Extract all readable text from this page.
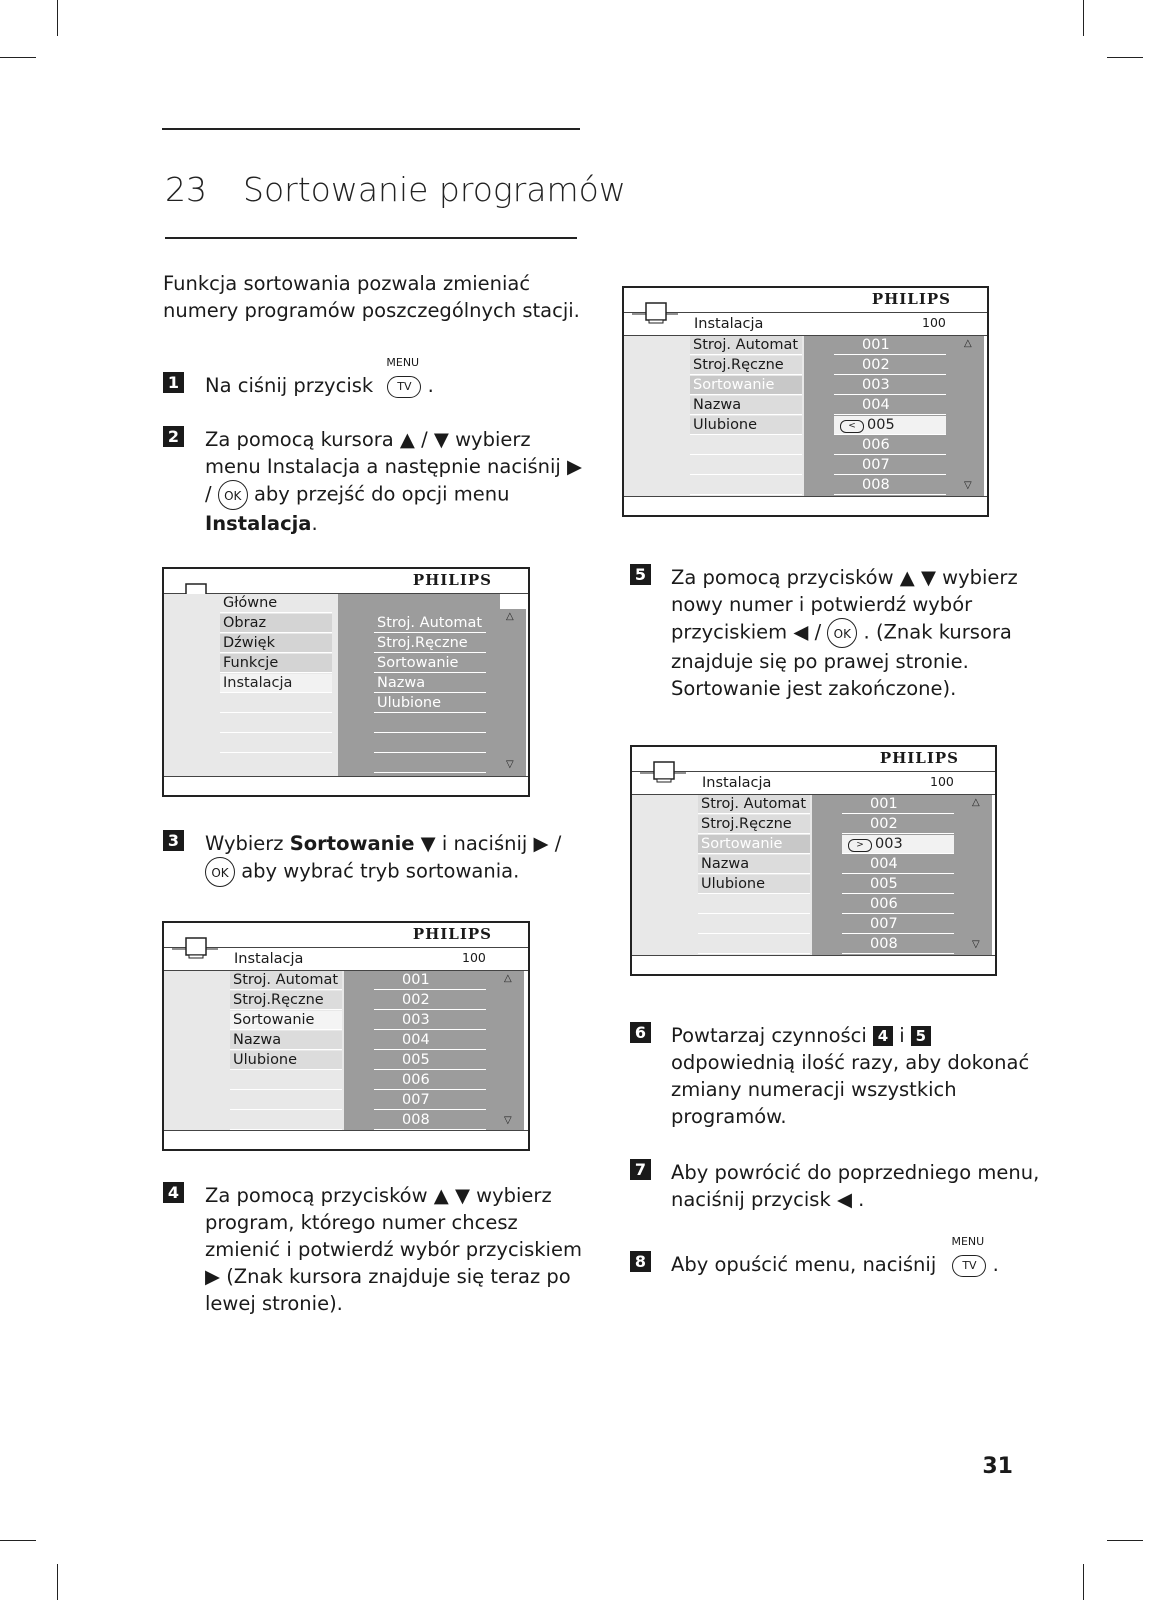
23 Sortowanie programów
Funkcja sortowania pozwala zmieniać numery programów poszczególnych stacji.
1 Na ciśnij przycisk
MENU
TV .
2 Za pomocą kursora ▲ / ▼ wybierz menu Instalacja a następnie naciśnij ▶ / OK aby przejść do opcji menu Instalacja.
PHILIPS
△
▽
Główne
Obraz
Dźwięk
Funkcje
Instalacja
Stroj. Automat
Stroj.Ręczne
Sortowanie
Nazwa
Ulubione
3 Wybierz Sortowanie ▼ i naciśnij ▶ /
OK aby wybrać tryb sortowania.
PHILIPS
Instalacja	100
Stroj. Automat
Stroj.Ręczne
Sortowanie
Nazwa
Ulubione
001
002
003
004
005
006
007
008
△
▽
4 Za pomocą przycisków ▲ ▼ wybierz program, którego numer chcesz zmienić i potwierdź wybór przyciskiem ▶ (Znak kursora znajduje się teraz po lewej stronie).
PHILIPS
Instalacja	100
Stroj. Automat
Stroj.Ręczne
Sortowanie
Nazwa
Ulubione
001
002
003
004
< 005
006
007
008
△
▽
5 Za pomocą przycisków ▲ ▼ wybierz nowy numer i potwierdź wybór przyciskiem ◀ / OK . (Znak kursora znajduje się po prawej stronie. Sortowanie jest zakończone).
PHILIPS
Instalacja	100
Stroj. Automat
Stroj.Ręczne
Sortowanie
Nazwa
Ulubione
001
002
> 003
004
005
006
007
008
△
▽
6 Powtarzaj czynności 4 i 5 odpowiednią ilość razy, aby dokonać zmiany numeracji wszystkich programów.
7 Aby powrócić do poprzedniego menu, naciśnij przycisk ◀ .
8 Aby opuścić menu, naciśnij
MENU
TV .
31
